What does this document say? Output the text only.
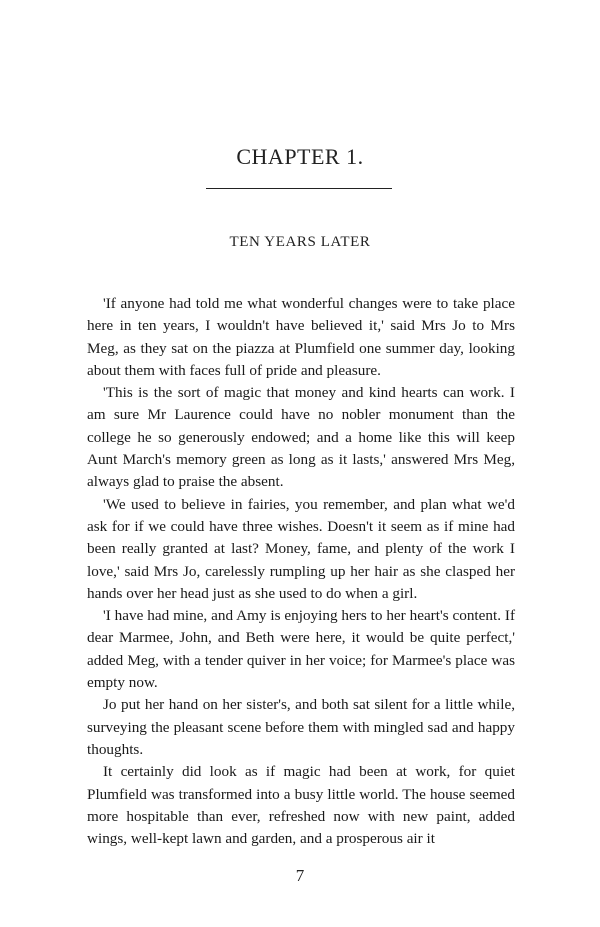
CHAPTER 1.
TEN YEARS LATER

'If anyone had told me what wonderful changes were to take place here in ten years, I wouldn't have believed it,' said Mrs Jo to Mrs Meg, as they sat on the piazza at Plumfield one summer day, looking about them with faces full of pride and pleasure.

'This is the sort of magic that money and kind hearts can work. I am sure Mr Laurence could have no nobler monument than the college he so generously endowed; and a home like this will keep Aunt March's memory green as long as it lasts,' answered Mrs Meg, always glad to praise the absent.

'We used to believe in fairies, you remember, and plan what we'd ask for if we could have three wishes. Doesn't it seem as if mine had been really granted at last? Money, fame, and plenty of the work I love,' said Mrs Jo, carelessly rumpling up her hair as she clasped her hands over her head just as she used to do when a girl.

'I have had mine, and Amy is enjoying hers to her heart's content. If dear Marmee, John, and Beth were here, it would be quite perfect,' added Meg, with a tender quiver in her voice; for Marmee's place was empty now.

Jo put her hand on her sister's, and both sat silent for a little while, surveying the pleasant scene before them with mingled sad and happy thoughts.

It certainly did look as if magic had been at work, for quiet Plumfield was transformed into a busy little world. The house seemed more hospitable than ever, refreshed now with new paint, added wings, well-kept lawn and garden, and a prosperous air it

7
